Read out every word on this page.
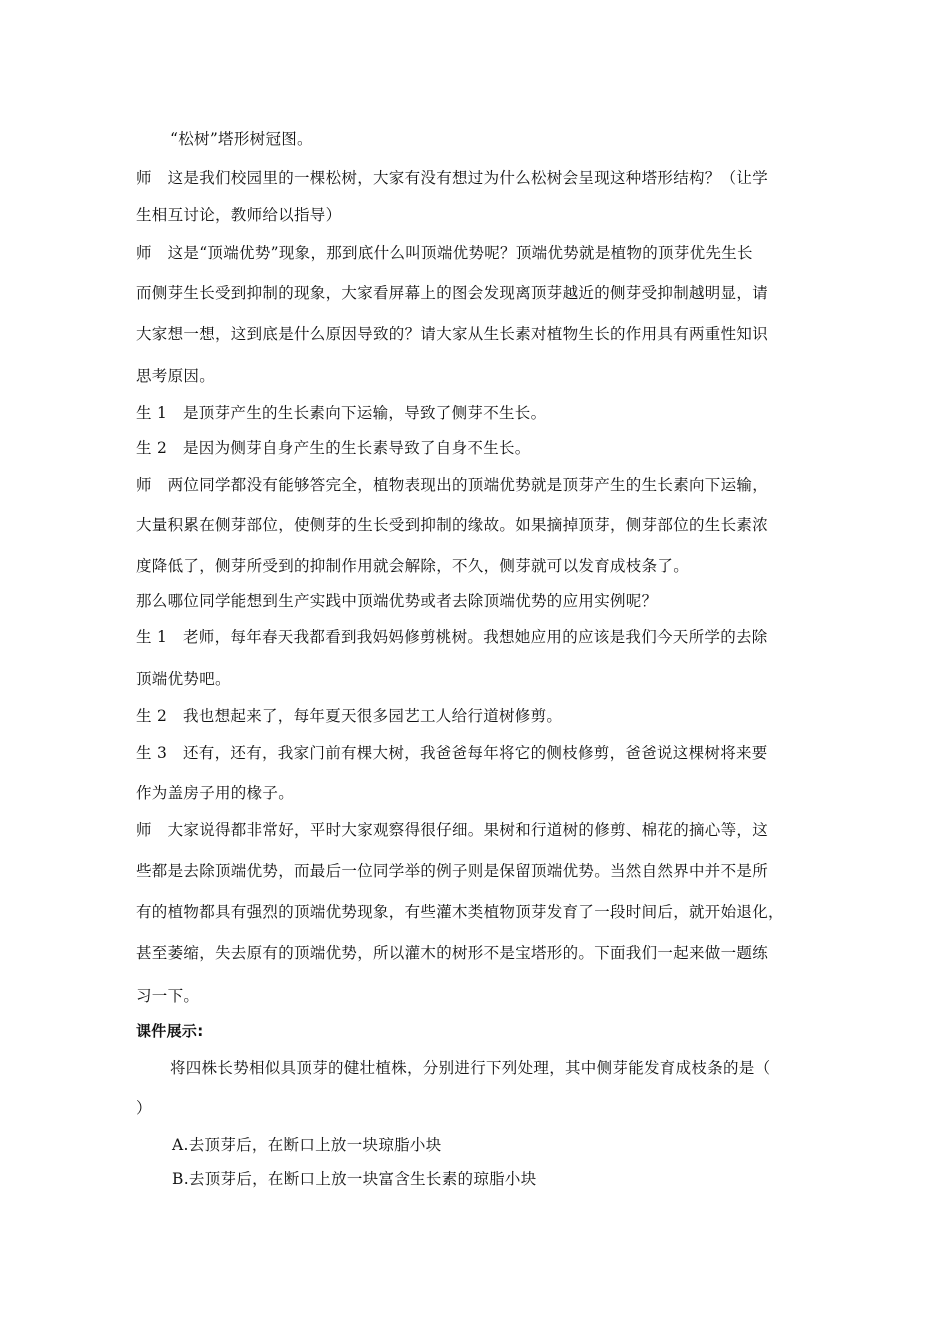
“松树”塔形树冠图。
师　这是我们校园里的一棵松树，大家有没有想过为什么松树会呈现这种塔形结构？（让学
生相互讨论，教师给以指导）
师　这是“顶端优势”现象，那到底什么叫顶端优势呢？顶端优势就是植物的顶芽优先生长
而侧芽生长受到抑制的现象，大家看屏幕上的图会发现离顶芽越近的侧芽受抑制越明显，请
大家想一想，这到底是什么原因导致的？请大家从生长素对植物生长的作用具有两重性知识
思考原因。
生 1　是顶芽产生的生长素向下运输，导致了侧芽不生长。
生 2　是因为侧芽自身产生的生长素导致了自身不生长。
师　两位同学都没有能够答完全，植物表现出的顶端优势就是顶芽产生的生长素向下运输，
大量积累在侧芽部位，使侧芽的生长受到抑制的缘故。如果摘掉顶芽，侧芽部位的生长素浓
度降低了，侧芽所受到的抑制作用就会解除，不久，侧芽就可以发育成枝条了。
那么哪位同学能想到生产实践中顶端优势或者去除顶端优势的应用实例呢？
生 1　老师，每年春天我都看到我妈妈修剪桃树。我想她应用的应该是我们今天所学的去除
顶端优势吧。
生 2　我也想起来了，每年夏天很多园艺工人给行道树修剪。
生 3　还有，还有，我家门前有棵大树，我爸爸每年将它的侧枝修剪，爸爸说这棵树将来要
作为盖房子用的椽子。
师　大家说得都非常好，平时大家观察得很仔细。果树和行道树的修剪、棉花的摘心等，这
些都是去除顶端优势，而最后一位同学举的例子则是保留顶端优势。当然自然界中并不是所
有的植物都具有强烈的顶端优势现象，有些灌木类植物顶芽发育了一段时间后，就开始退化，
甚至萎缩，失去原有的顶端优势，所以灌木的树形不是宝塔形的。下面我们一起来做一题练
习一下。
课件展示:
将四株长势相似具顶芽的健壮植株，分别进行下列处理，其中侧芽能发育成枝条的是（
）
A.去顶芽后，在断口上放一块琼脂小块
B.去顶芽后，在断口上放一块富含生长素的琼脂小块
